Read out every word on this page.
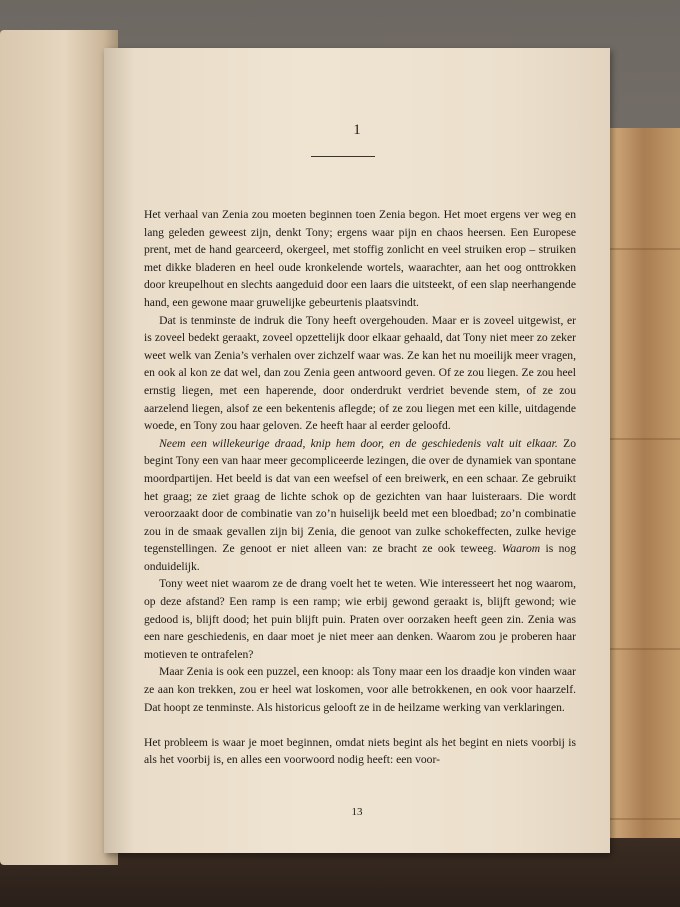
1

Het verhaal van Zenia zou moeten beginnen toen Zenia begon. Het moet ergens ver weg en lang geleden geweest zijn, denkt Tony; ergens waar pijn en chaos heersen. Een Europese prent, met de hand gearceerd, okergeel, met stoffig zonlicht en veel struiken erop – struiken met dikke bladeren en heel oude kronkelende wortels, waarachter, aan het oog onttrokken door kreupelhout en slechts aangeduid door een laars die uitsteekt, of een slap neerhangende hand, een gewone maar gruwelijke gebeurtenis plaatsvindt.

Dat is tenminste de indruk die Tony heeft overgehouden. Maar er is zoveel uitgewist, er is zoveel bedekt geraakt, zoveel opzettelijk door elkaar gehaald, dat Tony niet meer zo zeker weet welk van Zenia’s verhalen over zichzelf waar was. Ze kan het nu moeilijk meer vragen, en ook al kon ze dat wel, dan zou Zenia geen antwoord geven. Of ze zou liegen. Ze zou heel ernstig liegen, met een haperende, door onderdrukt verdriet bevende stem, of ze zou aarzelend liegen, alsof ze een bekentenis aflegde; of ze zou liegen met een kille, uitdagende woede, en Tony zou haar geloven. Ze heeft haar al eerder geloofd.

Neem een willekeurige draad, knip hem door, en de geschiedenis valt uit elkaar. Zo begint Tony een van haar meer gecompliceerde lezingen, die over de dynamiek van spontane moordpartijen. Het beeld is dat van een weefsel of een breiwerk, en een schaar. Ze gebruikt het graag; ze ziet graag de lichte schok op de gezichten van haar luisteraars. Die wordt veroorzaakt door de combinatie van zo’n huiselijk beeld met een bloedbad; zo’n combinatie zou in de smaak gevallen zijn bij Zenia, die genoot van zulke schokeffecten, zulke hevige tegenstellingen. Ze genoot er niet alleen van: ze bracht ze ook teweeg. Waarom is nog onduidelijk.

Tony weet niet waarom ze de drang voelt het te weten. Wie interesseert het nog waarom, op deze afstand? Een ramp is een ramp; wie erbij gewond geraakt is, blijft gewond; wie gedood is, blijft dood; het puin blijft puin. Praten over oorzaken heeft geen zin. Zenia was een nare geschiedenis, en daar moet je niet meer aan denken. Waarom zou je proberen haar motieven te ontrafelen?

Maar Zenia is ook een puzzel, een knoop: als Tony maar een los draadje kon vinden waar ze aan kon trekken, zou er heel wat loskomen, voor alle betrokkenen, en ook voor haarzelf. Dat hoopt ze tenminste. Als historicus gelooft ze in de heilzame werking van verklaringen.

Het probleem is waar je moet beginnen, omdat niets begint als het begint en niets voorbij is als het voorbij is, en alles een voorwoord nodig heeft: een voor-

13
